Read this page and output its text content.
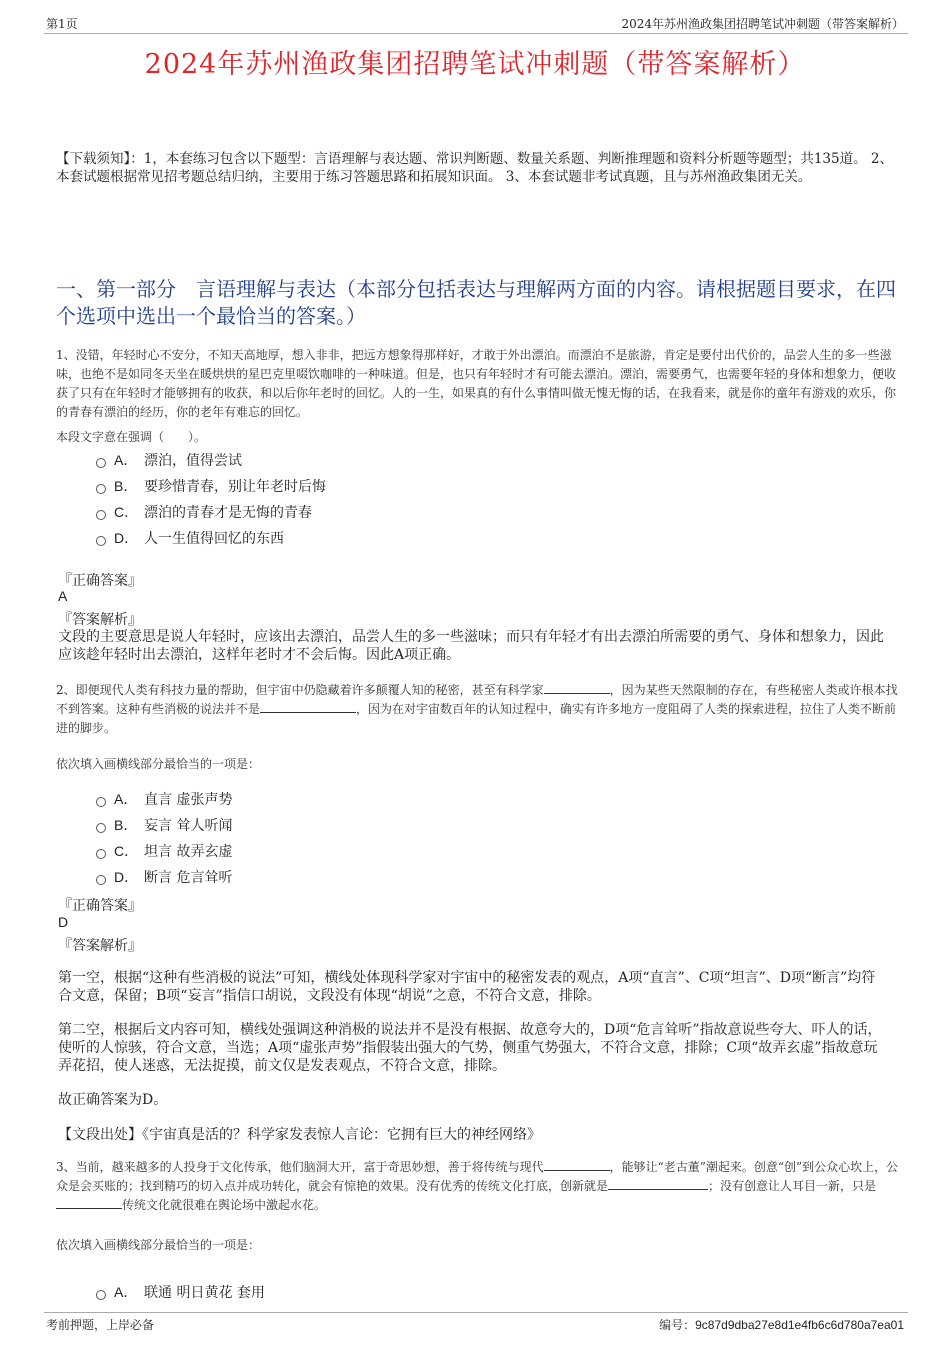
第1页	2024年苏州渔政集团招聘笔试冲刺题（带答案解析）
2024年苏州渔政集团招聘笔试冲刺题（带答案解析）
【下载须知】：1，本套练习包含以下题型：言语理解与表达题、常识判断题、数量关系题、判断推理题和资料分析题等题型；共135道。 2、本套试题根据常见招考题总结归纳，主要用于练习答题思路和拓展知识面。 3、本套试题非考试真题，且与苏州渔政集团无关。
一、第一部分　言语理解与表达（本部分包括表达与理解两方面的内容。请根据题目要求，在四个选项中选出一个最恰当的答案。）
1、没错，年轻时心不安分，不知天高地厚，想入非非，把远方想象得那样好，才敢于外出漂泊。而漂泊不是旅游，肯定是要付出代价的，品尝人生的多一些滋味，也绝不是如同冬天坐在暖烘烘的星巴克里啜饮咖啡的一种味道。但是，也只有年轻时才有可能去漂泊。漂泊，需要勇气，也需要年轻的身体和想象力，便收获了只有在年轻时才能够拥有的收获，和以后你年老时的回忆。人的一生，如果真的有什么事情叫做无愧无悔的话，在我看来，就是你的童年有游戏的欢乐，你的青春有漂泊的经历，你的老年有难忘的回忆。
本段文字意在强调（　　）。
A． 漂泊，值得尝试
B． 要珍惜青春，别让年老时后悔
C． 漂泊的青春才是无悔的青春
D． 人一生值得回忆的东西
『正确答案』
A
『答案解析』
文段的主要意思是说人年轻时，应该出去漂泊，品尝人生的多一些滋味；而只有年轻才有出去漂泊所需要的勇气、身体和想象力，因此应该趁年轻时出去漂泊，这样年老时才不会后悔。因此A项正确。
2、即便现代人类有科技力量的帮助，但宇宙中仍隐藏着许多颠覆人知的秘密，甚至有科学家	，因为某些天然限制的存在，有些秘密人类或许根本找不到答案。这种有些消极的说法并不是	，因为在对宇宙数百年的认知过程中，确实有许多地方一度阻碍了人类的探索进程，拉住了人类不断前进的脚步。
依次填入画横线部分最恰当的一项是：
A． 直言 虚张声势
B． 妄言 耸人听闻
C． 坦言 故弄玄虚
D． 断言 危言耸听
『正确答案』
D
『答案解析』
第一空，根据“这种有些消极的说法”可知，横线处体现科学家对宇宙中的秘密发表的观点，A项“直言”、C项“坦言”、D项“断言”均符合文意，保留；B项“妄言”指信口胡说，文段没有体现“胡说”之意，不符合文意，排除。
第二空，根据后文内容可知，横线处强调这种消极的说法并不是没有根据、故意夸大的，D项“危言耸听”指故意说些夸大、吓人的话，使听的人惊骇，符合文意，当选；A项“虚张声势”指假装出强大的气势，侧重气势强大，不符合文意，排除；C项“故弄玄虚”指故意玩弄花招，使人迷惑，无法捉摸，前文仅是发表观点，不符合文意，排除。
故正确答案为D。
【文段出处】《宇宙真是活的？科学家发表惊人言论：它拥有巨大的神经网络》
3、当前，越来越多的人投身于文化传承，他们脑洞大开，富于奇思妙想，善于将传统与现代	，能够让“老古董”潮起来。创意“创”到公众心坎上，公众是会买账的；找到精巧的切入点并成功转化，就会有惊艳的效果。没有优秀的传统文化打底，创新就是	；没有创意让人耳目一新，只是传统文化就很难在舆论场中激起水花。
依次填入画横线部分最恰当的一项是：
A． 联通 明日黄花 套用
考前押题，上岸必备	编号：9c87d9dba27e8d1e4fb6c6d780a7ea01
